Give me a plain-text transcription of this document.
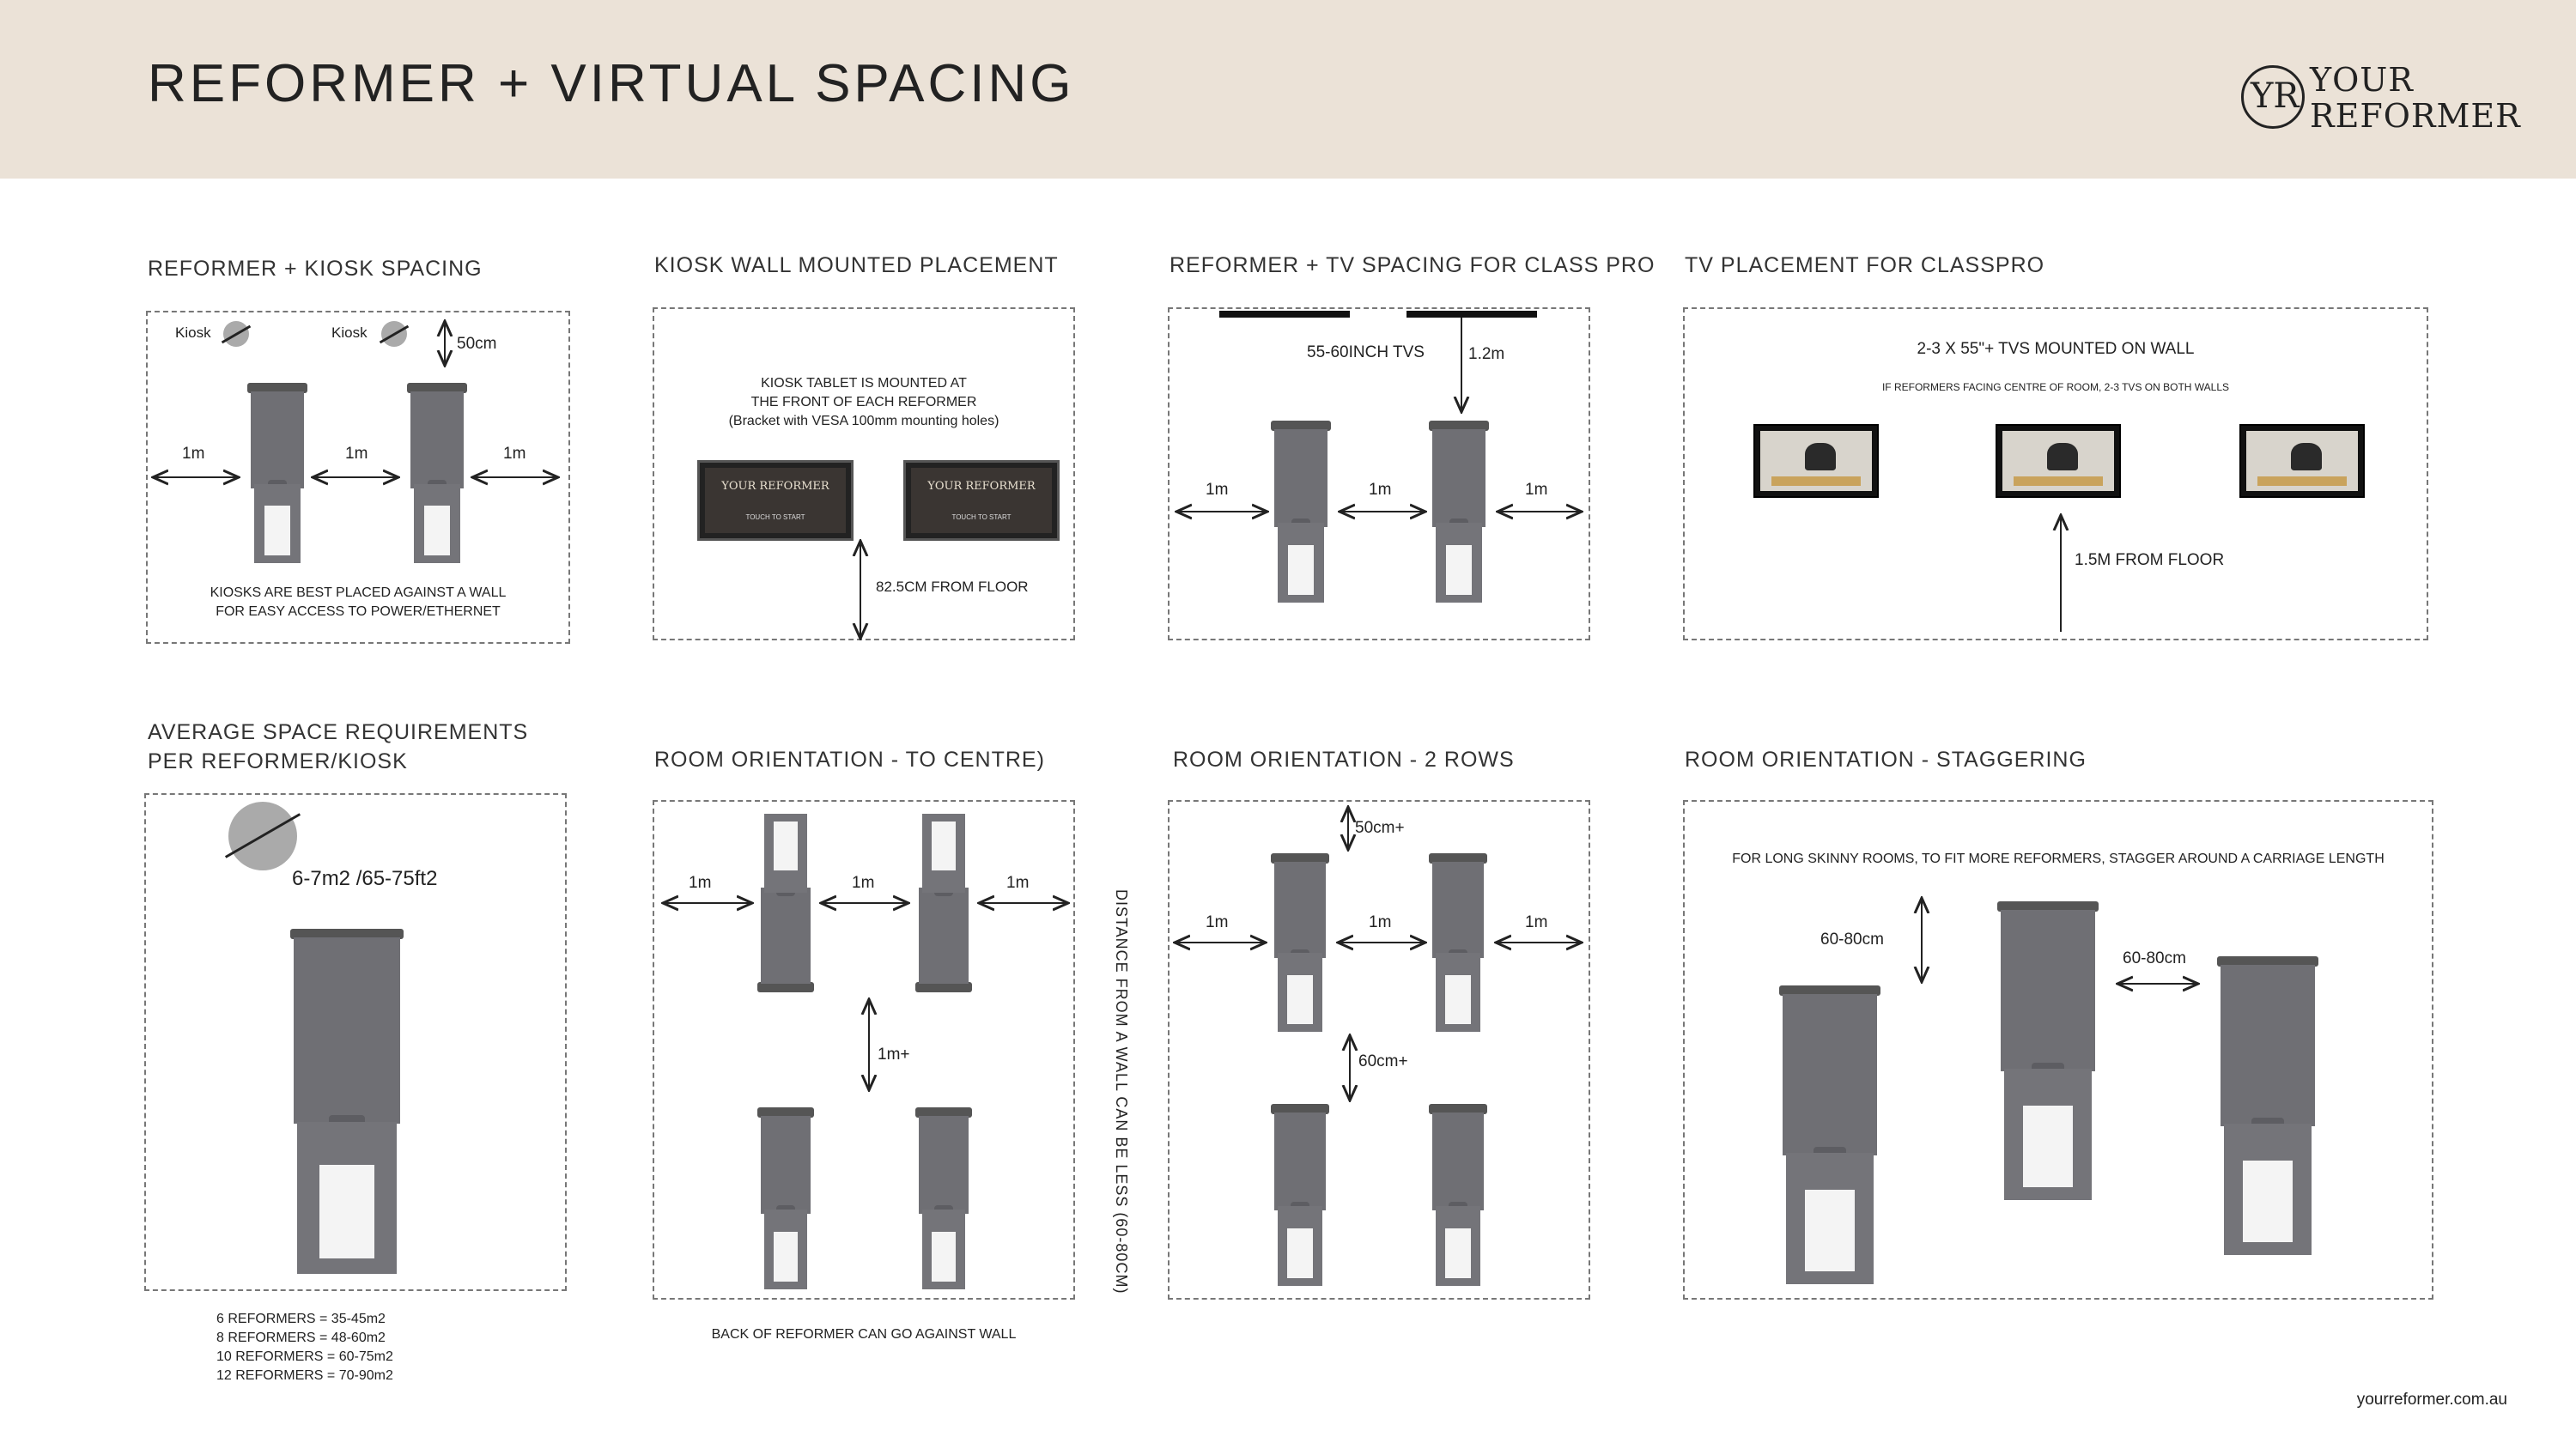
REFORMER + VIRTUAL SPACING	YR YOUR
REFORMER
REFORMER + KIOSK SPACING
Kiosk	Kiosk
50cm
1m	1m	1m
KIOSKS ARE BEST PLACED AGAINST A WALL
FOR EASY ACCESS TO POWER/ETHERNET
KIOSK WALL MOUNTED PLACEMENT
KIOSK TABLET IS MOUNTED AT
THE FRONT OF EACH REFORMER
(Bracket with VESA 100mm mounting holes)
YOUR REFORMER
TOUCH TO START
YOUR REFORMER
TOUCH TO START
82.5CM FROM FLOOR
REFORMER + TV SPACING FOR CLASS PRO
55-60INCH TVS	1.2m
1m	1m	1m
TV PLACEMENT FOR CLASSPRO
2-3 X 55"+ TVS MOUNTED ON WALL
IF REFORMERS FACING CENTRE OF ROOM, 2-3 TVS ON BOTH WALLS
1.5M FROM FLOOR
AVERAGE SPACE REQUIREMENTS
PER REFORMER/KIOSK
6-7m2 /65-75ft2
6 REFORMERS = 35-45m2
8 REFORMERS = 48-60m2
10 REFORMERS = 60-75m2
12 REFORMERS = 70-90m2
ROOM ORIENTATION - TO CENTRE)
1m	1m	1m
1m+
BACK OF REFORMER CAN GO AGAINST WALL
DISTANCE FROM A WALL CAN BE LESS (60-80CM)
ROOM ORIENTATION - 2 ROWS
50cm+
1m	1m	1m
60cm+
ROOM ORIENTATION - STAGGERING
FOR LONG SKINNY ROOMS, TO FIT MORE REFORMERS, STAGGER AROUND A CARRIAGE LENGTH
60-80cm
60-80cm
yourreformer.com.au
